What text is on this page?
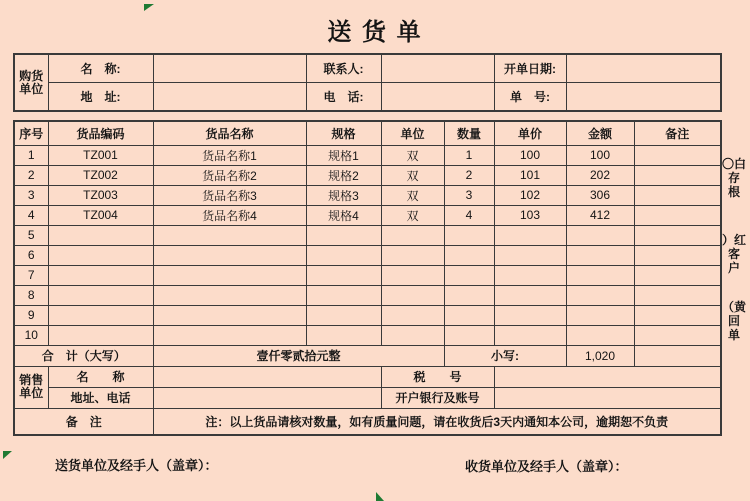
送 货 单
购货
单位	名　称:		联系人:		开单日期:	
	地　址:		电　话:		单　号:	
序号	货品编码	货品名称	规格	单位	数量	单价	金额	备注
1	TZ001	货品名称1	规格1	双	1	100	100	
2	TZ002	货品名称2	规格2	双	2	101	202	
3	TZ003	货品名称3	规格3	双	3	102	306	
4	TZ004	货品名称4	规格4	双	4	103	412	
5								
6								
7								
8								
9								
10								
合　计（大写）		壹仟零贰拾元整			小写:		1,020	
销售
单位	名　　称			税　　号				
	地址、电话			开户银行及账号				
备　注		注：以上货品请核对数量，如有质量问题，请在收货后3天内通知本公司，逾期恕不负责						
〇白
存
根
）红
客
户
（黄
回
单
送货单位及经手人（盖章）：	收货单位及经手人（盖章）：
